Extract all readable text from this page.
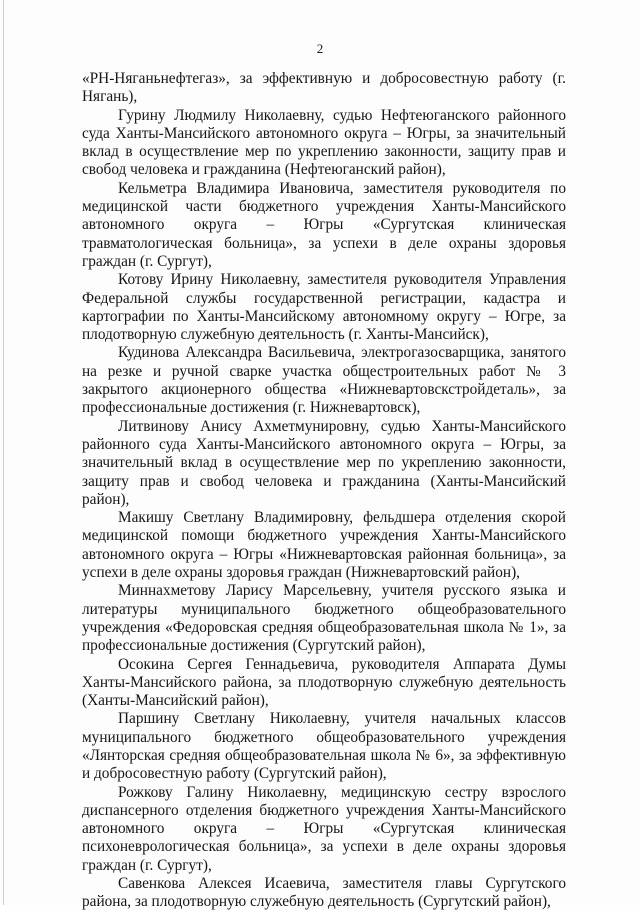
2

«РН-Няганьнефтегаз», за эффективную и добросовестную работу (г. Нягань),

Гурину Людмилу Николаевну, судью Нефтеюганского районного суда Ханты-Мансийского автономного округа – Югры, за значительный вклад в осуществление мер по укреплению законности, защиту прав и свобод человека и гражданина (Нефтеюганский район),

Кельметра Владимира Ивановича, заместителя руководителя по медицинской части бюджетного учреждения Ханты-Мансийского автономного округа – Югры «Сургутская клиническая травматологическая больница», за успехи в деле охраны здоровья граждан (г. Сургут),

Котову Ирину Николаевну, заместителя руководителя Управления Федеральной службы государственной регистрации, кадастра и картографии по Ханты-Мансийскому автономному округу – Югре, за плодотворную служебную деятельность (г. Ханты-Мансийск),

Кудинова Александра Васильевича, электрогазосварщика, занятого на резке и ручной сварке участка общестроительных работ № 3 закрытого акционерного общества «Нижневартовскстройдеталь», за профессиональные достижения (г. Нижневартовск),

Литвинову Анису Ахметмунировну, судью Ханты-Мансийского районного суда Ханты-Мансийского автономного округа – Югры, за значительный вклад в осуществление мер по укреплению законности, защиту прав и свобод человека и гражданина (Ханты-Мансийский район),

Макишу Светлану Владимировну, фельдшера отделения скорой медицинской помощи бюджетного учреждения Ханты-Мансийского автономного округа – Югры «Нижневартовская районная больница», за успехи в деле охраны здоровья граждан (Нижневартовский район),

Миннахметову Ларису Марсельевну, учителя русского языка и литературы муниципального бюджетного общеобразовательного учреждения «Федоровская средняя общеобразовательная школа № 1», за профессиональные достижения (Сургутский район),

Осокина Сергея Геннадьевича, руководителя Аппарата Думы Ханты-Мансийского района, за плодотворную служебную деятельность (Ханты-Мансийский район),

Паршину Светлану Николаевну, учителя начальных классов муниципального бюджетного общеобразовательного учреждения «Лянторская средняя общеобразовательная школа № 6», за эффективную и добросовестную работу (Сургутский район),

Рожкову Галину Николаевну, медицинскую сестру взрослого диспансерного отделения бюджетного учреждения Ханты-Мансийского автономного округа – Югры «Сургутская клиническая психоневрологическая больница», за успехи в деле охраны здоровья граждан (г. Сургут),

Савенкова Алексея Исаевича, заместителя главы Сургутского района, за плодотворную служебную деятельность (Сургутский район),
